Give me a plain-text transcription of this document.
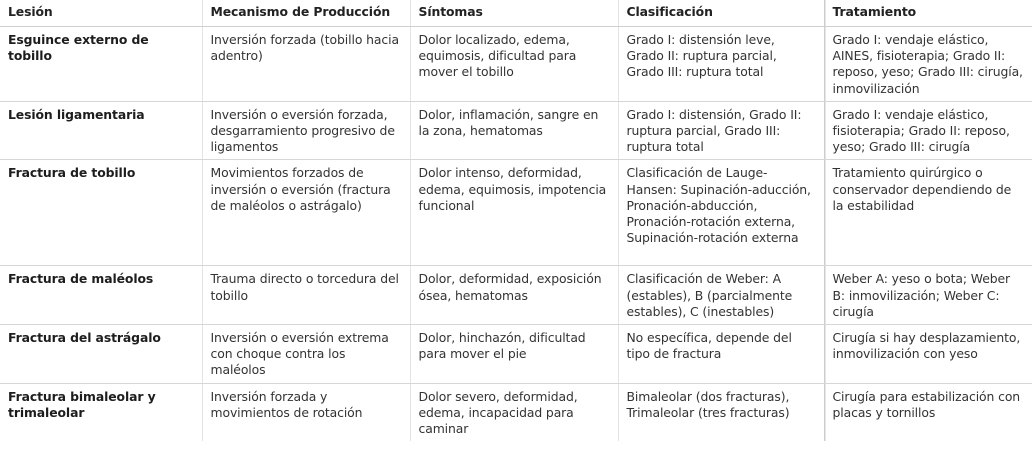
Lesión	Mecanismo de Producción	Síntomas	Clasificación	Tratamiento
Esguince externo de tobillo	Inversión forzada (tobillo hacia adentro)	Dolor localizado, edema, equimosis, dificultad para mover el tobillo	Grado I: distensión leve, Grado II: ruptura parcial, Grado III: ruptura total	Grado I: vendaje elástico, AINES, fisioterapia; Grado II: reposo, yeso; Grado III: cirugía, inmovilización
Lesión ligamentaria	Inversión o eversión forzada, desgarramiento progresivo de ligamentos	Dolor, inflamación, sangre en la zona, hematomas	Grado I: distensión, Grado II: ruptura parcial, Grado III: ruptura total	Grado I: vendaje elástico, fisioterapia; Grado II: reposo, yeso; Grado III: cirugía
Fractura de tobillo	Movimientos forzados de inversión o eversión (fractura de maléolos o astrágalo)	Dolor intenso, deformidad, edema, equimosis, impotencia funcional	Clasificación de Lauge-Hansen: Supinación-aducción, Pronación-abducción, Pronación-rotación externa, Supinación-rotación externa	Tratamiento quirúrgico o conservador dependiendo de la estabilidad
Fractura de maléolos	Trauma directo o torcedura del tobillo	Dolor, deformidad, exposición ósea, hematomas	Clasificación de Weber: A (estables), B (parcialmente estables), C (inestables)	Weber A: yeso o bota; Weber B: inmovilización; Weber C: cirugía
Fractura del astrágalo	Inversión o eversión extrema con choque contra los maléolos	Dolor, hinchazón, dificultad para mover el pie	No específica, depende del tipo de fractura	Cirugía si hay desplazamiento, inmovilización con yeso
Fractura bimaleolar y trimaleolar	Inversión forzada y movimientos de rotación	Dolor severo, deformidad, edema, incapacidad para caminar	Bimaleolar (dos fracturas), Trimaleolar (tres fracturas)	Cirugía para estabilización con placas y tornillos
